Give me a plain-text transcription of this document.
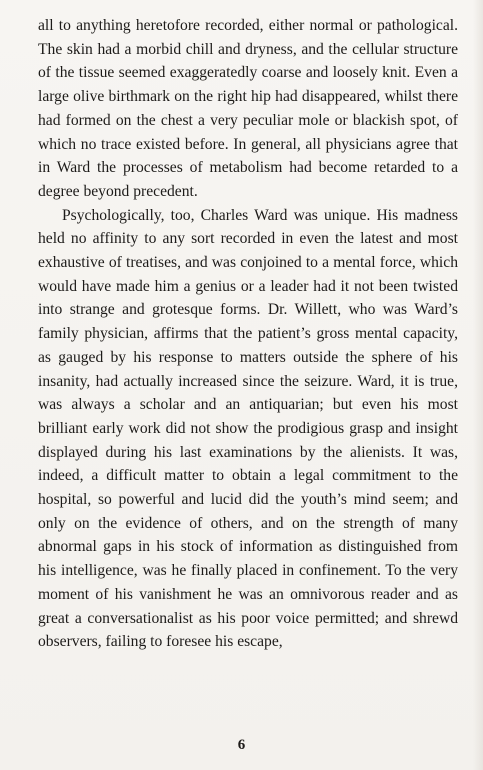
all to anything heretofore recorded, either normal or pathological. The skin had a morbid chill and dryness, and the cellular structure of the tissue seemed exaggeratedly coarse and loosely knit. Even a large olive birthmark on the right hip had disappeared, whilst there had formed on the chest a very peculiar mole or blackish spot, of which no trace existed before. In general, all physicians agree that in Ward the processes of metabolism had become retarded to a degree beyond precedent.

Psychologically, too, Charles Ward was unique. His madness held no affinity to any sort recorded in even the latest and most exhaustive of treatises, and was conjoined to a mental force, which would have made him a genius or a leader had it not been twisted into strange and grotesque forms. Dr. Willett, who was Ward’s family physician, affirms that the patient’s gross mental capacity, as gauged by his response to matters outside the sphere of his insanity, had actually increased since the seizure. Ward, it is true, was always a scholar and an antiquarian; but even his most brilliant early work did not show the prodigious grasp and insight displayed during his last examinations by the alienists. It was, indeed, a difficult matter to obtain a legal commitment to the hospital, so powerful and lucid did the youth’s mind seem; and only on the evidence of others, and on the strength of many abnormal gaps in his stock of information as distinguished from his intelligence, was he finally placed in confinement. To the very moment of his vanishment he was an omnivorous reader and as great a conversationalist as his poor voice permitted; and shrewd observers, failing to foresee his escape,

6
